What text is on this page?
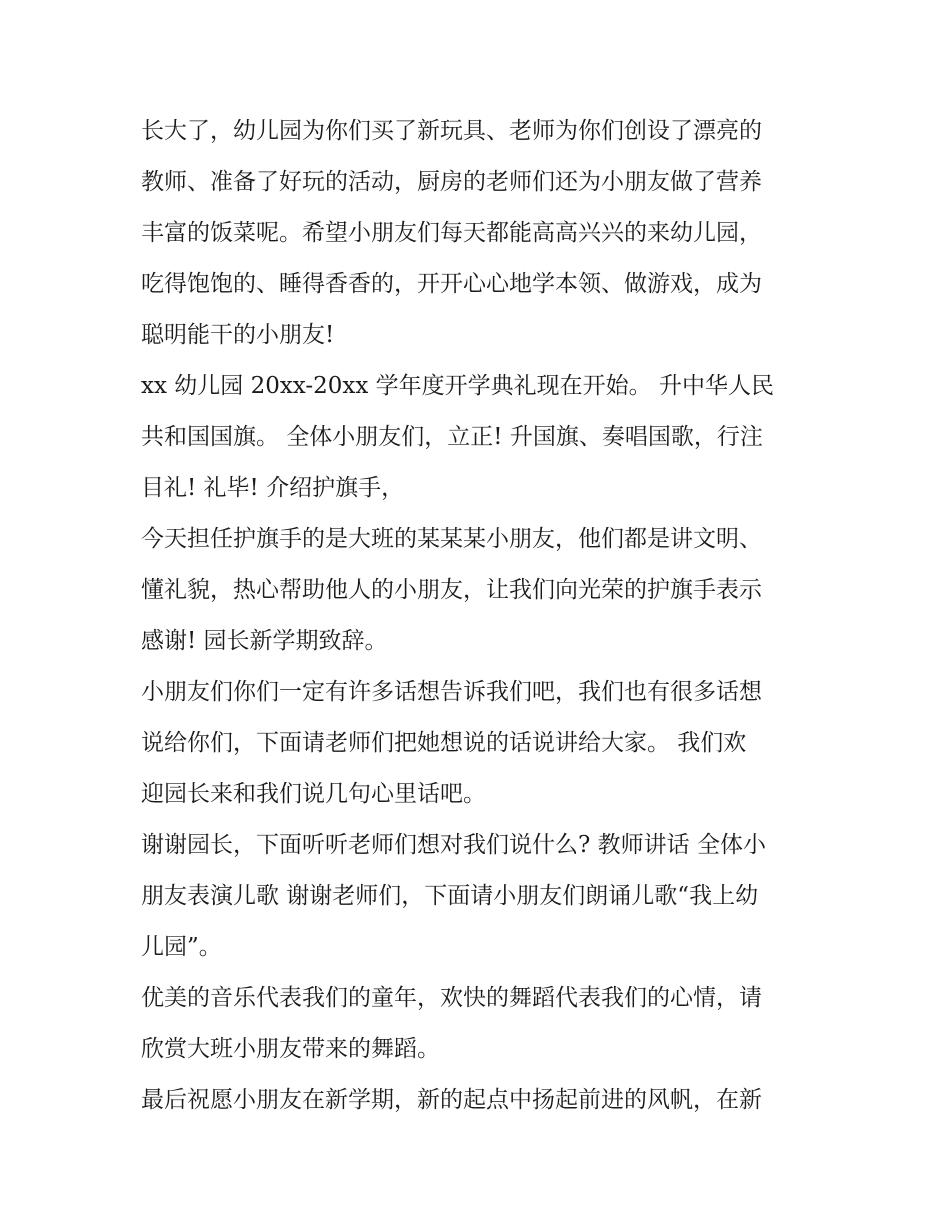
长大了，幼儿园为你们买了新玩具、老师为你们创设了漂亮的
教师、准备了好玩的活动，厨房的老师们还为小朋友做了营养
丰富的饭菜呢。希望小朋友们每天都能高高兴兴的来幼儿园，
吃得饱饱的、睡得香香的，开开心心地学本领、做游戏，成为
聪明能干的小朋友!

xx 幼儿园 20xx-20xx 学年度开学典礼现在开始。 升中华人民
共和国国旗。 全体小朋友们，立正! 升国旗、奏唱国歌，行注
目礼! 礼毕! 介绍护旗手，

今天担任护旗手的是大班的某某某小朋友，他们都是讲文明、
懂礼貌，热心帮助他人的小朋友，让我们向光荣的护旗手表示
感谢! 园长新学期致辞。

小朋友们你们一定有许多话想告诉我们吧，我们也有很多话想
说给你们，下面请老师们把她想说的话说讲给大家。 我们欢
迎园长来和我们说几句心里话吧。

谢谢园长，下面听听老师们想对我们说什么? 教师讲话 全体小
朋友表演儿歌 谢谢老师们，下面请小朋友们朗诵儿歌“我上幼
儿园”。

优美的音乐代表我们的童年，欢快的舞蹈代表我们的心情，请
欣赏大班小朋友带来的舞蹈。

最后祝愿小朋友在新学期，新的起点中扬起前进的风帆，在新
